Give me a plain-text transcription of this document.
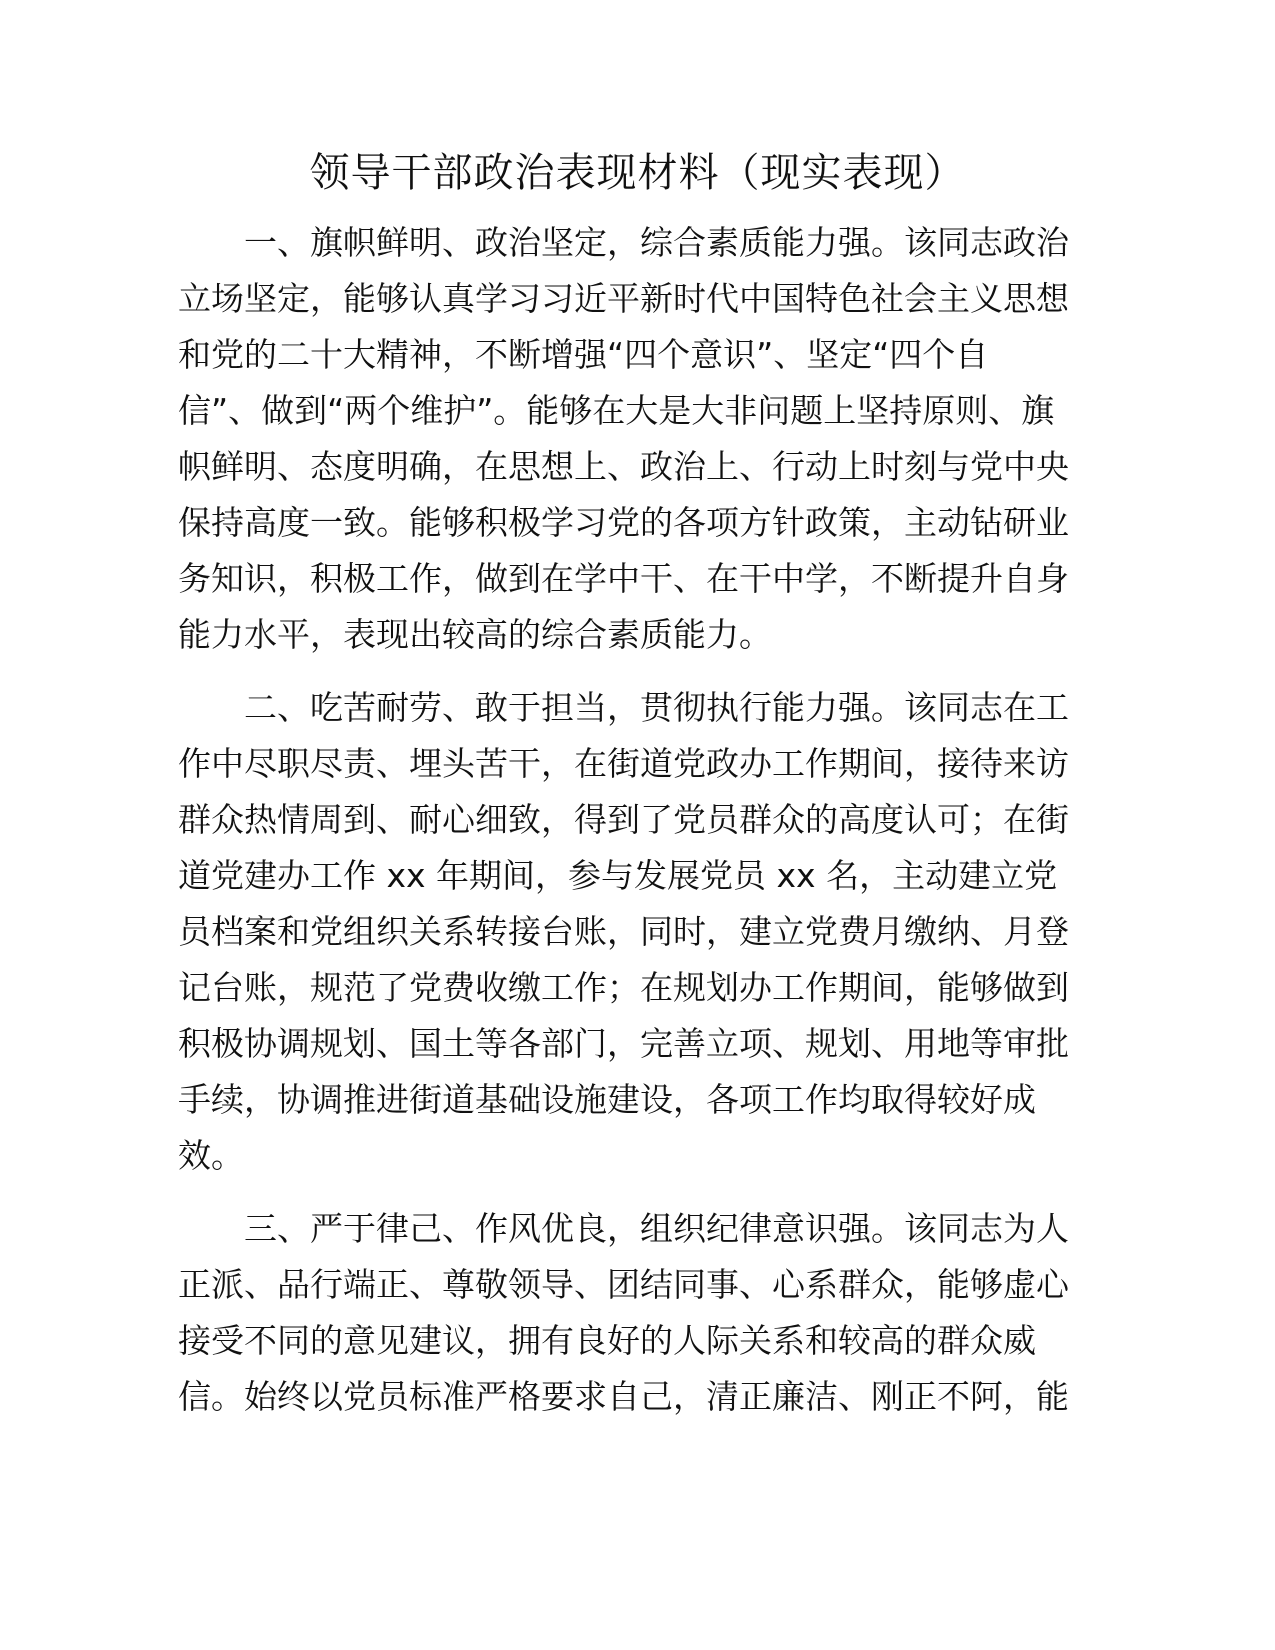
领导干部政治表现材料（现实表现）
一、旗帜鲜明、政治坚定，综合素质能力强。该同志政治
立场坚定，能够认真学习习近平新时代中国特色社会主义思想
和党的二十大精神，不断增强“四个意识”、坚定“四个自
信”、做到“两个维护”。能够在大是大非问题上坚持原则、旗
帜鲜明、态度明确，在思想上、政治上、行动上时刻与党中央
保持高度一致。能够积极学习党的各项方针政策，主动钻研业
务知识，积极工作，做到在学中干、在干中学，不断提升自身
能力水平，表现出较高的综合素质能力。
二、吃苦耐劳、敢于担当，贯彻执行能力强。该同志在工
作中尽职尽责、埋头苦干，在街道党政办工作期间，接待来访
群众热情周到、耐心细致，得到了党员群众的高度认可；在街
道党建办工作 xx 年期间，参与发展党员 xx 名，主动建立党
员档案和党组织关系转接台账，同时，建立党费月缴纳、月登
记台账，规范了党费收缴工作；在规划办工作期间，能够做到
积极协调规划、国土等各部门，完善立项、规划、用地等审批
手续，协调推进街道基础设施建设，各项工作均取得较好成
效。
三、严于律己、作风优良，组织纪律意识强。该同志为人
正派、品行端正、尊敬领导、团结同事、心系群众，能够虚心
接受不同的意见建议，拥有良好的人际关系和较高的群众威
信。始终以党员标准严格要求自己，清正廉洁、刚正不阿，能
